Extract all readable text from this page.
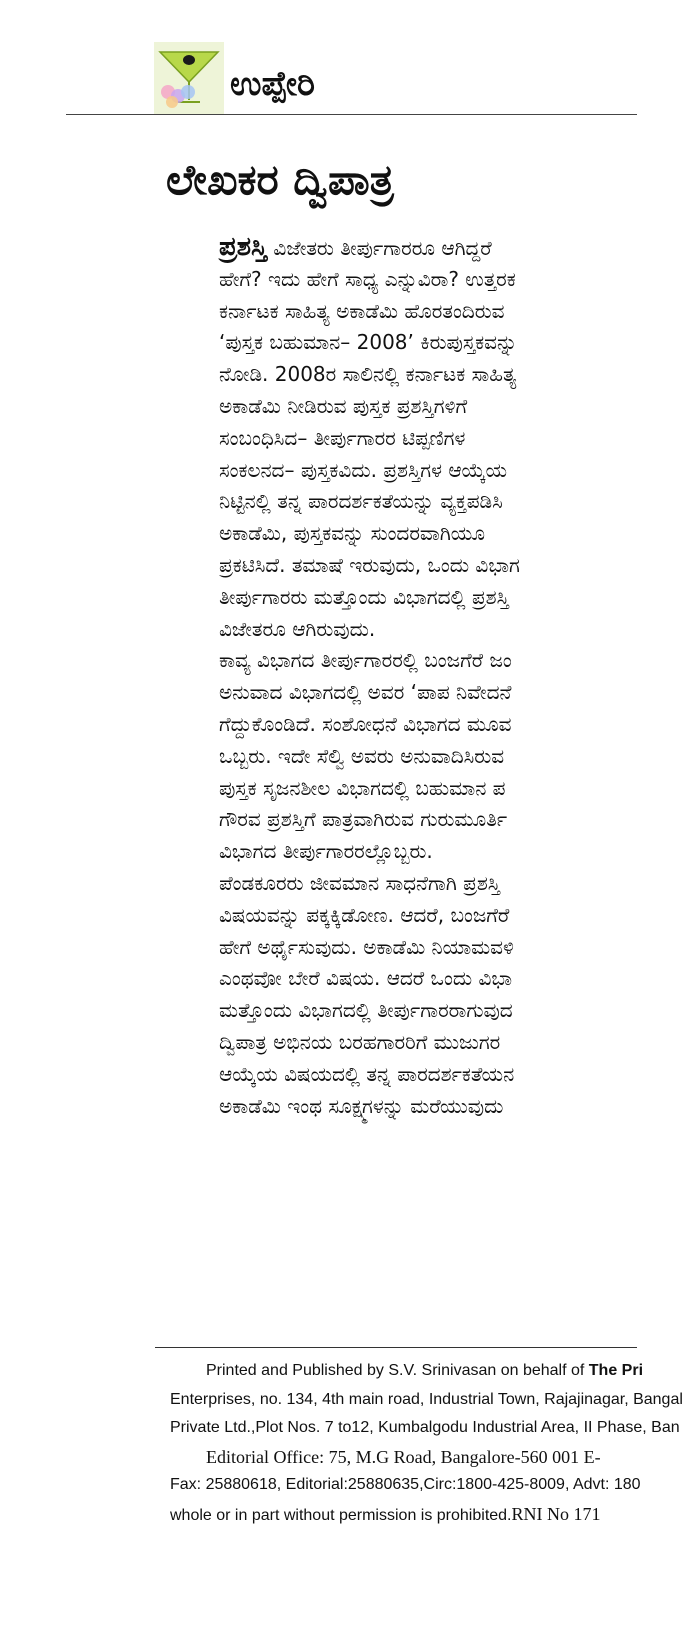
ಉಪ್ಪೇರಿ
ಲೇಖಕರ ದ್ವಿಪಾತ್ರ
ಪ್ರಶಸ್ತಿ ವಿಜೇತರು ತೀರ್ಪುಗಾರರೂ ಆಗಿದ್ದರೆ
ಹೇಗೆ? ಇದು ಹೇಗೆ ಸಾಧ್ಯ ಎನ್ನುವಿರಾ? ಉತ್ತರಕ
ಕರ್ನಾಟಕ ಸಾಹಿತ್ಯ ಅಕಾಡೆಮಿ ಹೊರತಂದಿರುವ
‘ಪುಸ್ತಕ ಬಹುಮಾನ– 2008’ ಕಿರುಪುಸ್ತಕವನ್ನು
ನೋಡಿ. 2008ರ ಸಾಲಿನಲ್ಲಿ ಕರ್ನಾಟಕ ಸಾಹಿತ್ಯ
ಅಕಾಡೆಮಿ ನೀಡಿರುವ ಪುಸ್ತಕ ಪ್ರಶಸ್ತಿಗಳಿಗೆ
ಸಂಬಂಧಿಸಿದ– ತೀರ್ಪುಗಾರರ ಟಿಪ್ಪಣಿಗಳ
ಸಂಕಲನದ– ಪುಸ್ತಕವಿದು. ಪ್ರಶಸ್ತಿಗಳ ಆಯ್ಕೆಯ
ನಿಟ್ಟಿನಲ್ಲಿ ತನ್ನ ಪಾರದರ್ಶಕತೆಯನ್ನು ವ್ಯಕ್ತಪಡಿಸಿ
ಅಕಾಡೆಮಿ, ಪುಸ್ತಕವನ್ನು ಸುಂದರವಾಗಿಯೂ
ಪ್ರಕಟಿಸಿದೆ. ತಮಾಷೆ ಇರುವುದು, ಒಂದು ವಿಭಾಗ
ತೀರ್ಪುಗಾರರು ಮತ್ತೊಂದು ವಿಭಾಗದಲ್ಲಿ ಪ್ರಶಸ್ತಿ
ವಿಜೇತರೂ ಆಗಿರುವುದು.
ಕಾವ್ಯ ವಿಭಾಗದ ತೀರ್ಪುಗಾರರಲ್ಲಿ ಬಂಜಗೆರೆ ಜಂ
ಅನುವಾದ ವಿಭಾಗದಲ್ಲಿ ಅವರ ‘ಪಾಪ ನಿವೇದನೆ
ಗೆದ್ದುಕೊಂಡಿದೆ. ಸಂಶೋಧನೆ ವಿಭಾಗದ ಮೂವ
ಒಬ್ಬರು. ಇದೇ ಸೆಲ್ವಿ ಅವರು ಅನುವಾದಿಸಿರುವ
ಪುಸ್ತಕ ಸೃಜನಶೀಲ ವಿಭಾಗದಲ್ಲಿ ಬಹುಮಾನ ಪ
ಗೌರವ ಪ್ರಶಸ್ತಿಗೆ ಪಾತ್ರವಾಗಿರುವ ಗುರುಮೂರ್ತಿ
ವಿಭಾಗದ ತೀರ್ಪುಗಾರರಲ್ಲೊಬ್ಬರು.
ಪೆಂಡಕೂರರು ಜೀವಮಾನ ಸಾಧನೆಗಾಗಿ ಪ್ರಶಸ್ತಿ
ವಿಷಯವನ್ನು ಪಕ್ಕಕ್ಕಿಡೋಣ. ಆದರೆ, ಬಂಜಗೆರೆ
ಹೇಗೆ ಅರ್ಥೈಸುವುದು. ಅಕಾಡೆಮಿ ನಿಯಾಮವಳಿ
ಎಂಥವೋ ಬೇರೆ ವಿಷಯ. ಆದರೆ ಒಂದು ವಿಭಾ
ಮತ್ತೊಂದು ವಿಭಾಗದಲ್ಲಿ ತೀರ್ಪುಗಾರರಾಗುವುದ
ದ್ವಿಪಾತ್ರ ಅಭಿನಯ ಬರಹಗಾರರಿಗೆ ಮುಜುಗರ
ಆಯ್ಕೆಯ ವಿಷಯದಲ್ಲಿ ತನ್ನ ಪಾರದರ್ಶಕತೆಯನ
ಅಕಾಡೆಮಿ ಇಂಥ ಸೂಕ್ಷ್ಮಗಳನ್ನು ಮರೆಯುವುದು
Printed and Published by S.V. Srinivasan on behalf of The Pri
Enterprises, no. 134, 4th main road, Industrial Town, Rajajinagar, Bangal
Private Ltd.,Plot Nos. 7 to12, Kumbalgodu Industrial Area, II Phase, Ban
Editorial Office: 75, M.G Road, Bangalore-560 001 E-
Fax: 25880618, Editorial:25880635,Circ:1800-425-8009, Advt: 180
whole or in part without permission is prohibited.RNI No 171
